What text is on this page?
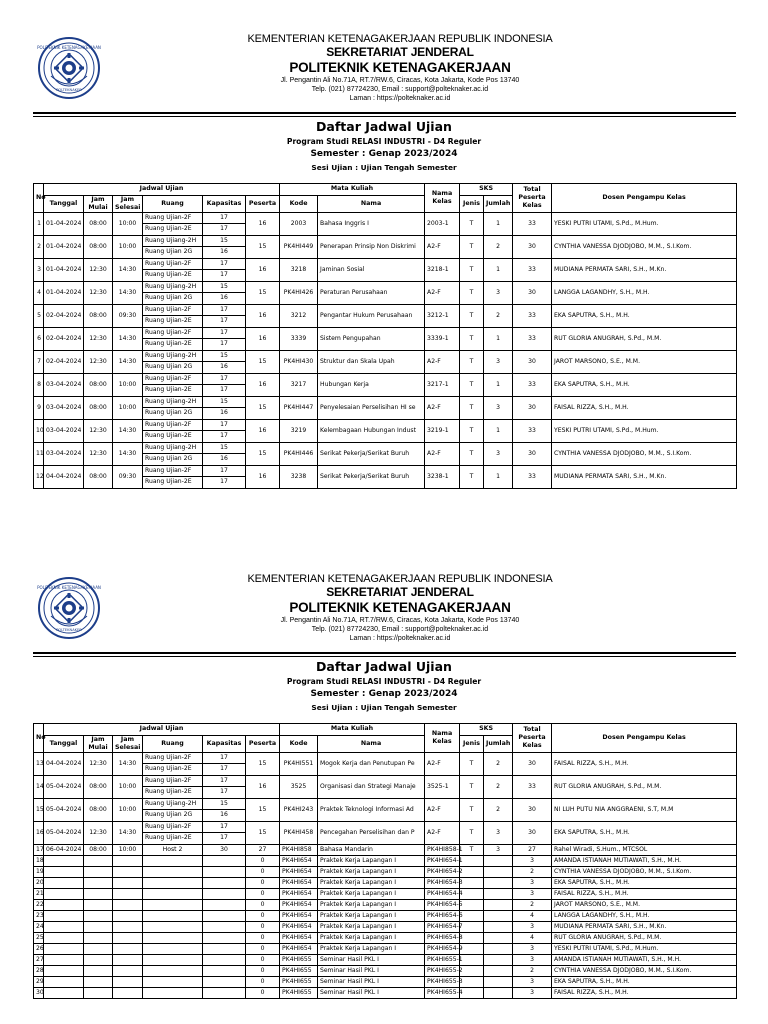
POLITEKNIK KETENAGAKERJAAN
POLTEKNAKER
KEMENTERIAN KETENAGAKERJAAN REPUBLIK INDONESIA
SEKRETARIAT JENDERAL
POLITEKNIK KETENAGAKERJAAN
Jl. Pengantin Ali No.71A, RT.7/RW.6, Ciracas, Kota Jakarta, Kode Pos 13740
Telp. (021) 87724230, Email : support@polteknaker.ac.id
Laman : https://polteknaker.ac.id
Daftar Jadwal Ujian
Program Studi RELASI INDUSTRI - D4 Reguler
Semester : Genap 2023/2024
Sesi Ujian : Ujian Tengah Semester
No	Jadwal Ujian						Mata Kuliah		Nama Kelas	SKS		Total Peserta Kelas	Dosen Pengampu Kelas
	Tanggal	Jam Mulai	Jam Selesai	Ruang	Kapasitas	Peserta	Kode	Nama		Jenis	Jumlah		
1	01-04-2024	08:00	10:00	Ruang Ujian-2F	17	16	2003	Bahasa Inggris I	2003-1	T	1	33	YESKI PUTRI UTAMI, S.Pd., M.Hum.
				Ruang Ujian-2E	17								
2	01-04-2024	08:00	10:00	Ruang Ujiang-2H	15	15	PK4HI449	Penerapan Prinsip Non Diskrimi	A2-F	T	2	30	CYNTHIA VANESSA DJODJOBO, M.M., S.I.Kom.
				Ruang Ujian 2G	16								
3	01-04-2024	12:30	14:30	Ruang Ujian-2F	17	16	3218	Jaminan Sosial	3218-1	T	1	33	MUDIANA PERMATA SARI, S.H., M.Kn.
				Ruang Ujian-2E	17								
4	01-04-2024	12:30	14:30	Ruang Ujiang-2H	15	15	PK4HI426	Peraturan Perusahaan	A2-F	T	3	30	LANGGA LAGANDHY, S.H., M.H.
				Ruang Ujian 2G	16								
5	02-04-2024	08:00	09:30	Ruang Ujian-2F	17	16	3212	Pengantar Hukum Perusahaan	3212-1	T	2	33	EKA SAPUTRA, S.H., M.H.
				Ruang Ujian-2E	17								
6	02-04-2024	12:30	14:30	Ruang Ujian-2F	17	16	3339	Sistem Pengupahan	3339-1	T	1	33	RUT GLORIA ANUGRAH, S.Pd., M.M.
				Ruang Ujian-2E	17								
7	02-04-2024	12:30	14:30	Ruang Ujiang-2H	15	15	PK4HI430	Struktur dan Skala Upah	A2-F	T	3	30	JAROT MARSONO, S.E., M.M.
				Ruang Ujian 2G	16								
8	03-04-2024	08:00	10:00	Ruang Ujian-2F	17	16	3217	Hubungan Kerja	3217-1	T	1	33	EKA SAPUTRA, S.H., M.H.
				Ruang Ujian-2E	17								
9	03-04-2024	08:00	10:00	Ruang Ujiang-2H	15	15	PK4HI447	Penyelesaian Perselisihan HI se	A2-F	T	3	30	FAISAL RIZZA, S.H., M.H.
				Ruang Ujian 2G	16								
10	03-04-2024	12:30	14:30	Ruang Ujian-2F	17	16	3219	Kelembagaan Hubungan Indust	3219-1	T	1	33	YESKI PUTRI UTAMI, S.Pd., M.Hum.
				Ruang Ujian-2E	17								
11	03-04-2024	12:30	14:30	Ruang Ujiang-2H	15	15	PK4HI446	Serikat Pekerja/Serikat Buruh	A2-F	T	3	30	CYNTHIA VANESSA DJODJOBO, M.M., S.I.Kom.
				Ruang Ujian 2G	16								
12	04-04-2024	08:00	09:30	Ruang Ujian-2F	17	16	3238	Serikat Pekerja/Serikat Buruh	3238-1	T	1	33	MUDIANA PERMATA SARI, S.H., M.Kn.
				Ruang Ujian-2E	17								
POLITEKNIK KETENAGAKERJAAN
POLTEKNAKER
KEMENTERIAN KETENAGAKERJAAN REPUBLIK INDONESIA
SEKRETARIAT JENDERAL
POLITEKNIK KETENAGAKERJAAN
Jl. Pengantin Ali No.71A, RT.7/RW.6, Ciracas, Kota Jakarta, Kode Pos 13740
Telp. (021) 87724230, Email : support@polteknaker.ac.id
Laman : https://polteknaker.ac.id
Daftar Jadwal Ujian
Program Studi RELASI INDUSTRI - D4 Reguler
Semester : Genap 2023/2024
Sesi Ujian : Ujian Tengah Semester
No	Jadwal Ujian						Mata Kuliah		Nama Kelas	SKS		Total Peserta Kelas	Dosen Pengampu Kelas
	Tanggal	Jam Mulai	Jam Selesai	Ruang	Kapasitas	Peserta	Kode	Nama		Jenis	Jumlah		
13	04-04-2024	12:30	14:30	Ruang Ujian-2F	17	15	PK4HI551	Mogok Kerja dan Penutupan Pe	A2-F	T	2	30	FAISAL RIZZA, S.H., M.H.
				Ruang Ujian-2E	17								
14	05-04-2024	08:00	10:00	Ruang Ujian-2F	17	16	3525	Organisasi dan Strategi Manaje	3525-1	T	2	33	RUT GLORIA ANUGRAH, S.Pd., M.M.
				Ruang Ujian-2E	17								
15	05-04-2024	08:00	10:00	Ruang Ujiang-2H	15	15	PK4HI243	Praktek Teknologi Informasi Ad	A2-F	T	2	30	NI LUH PUTU NIA ANGGRAENI, S.T, M.M
				Ruang Ujian 2G	16								
16	05-04-2024	12:30	14:30	Ruang Ujian-2F	17	15	PK4HI458	Pencegahan Perselisihan dan P	A2-F	T	3	30	EKA SAPUTRA, S.H., M.H.
				Ruang Ujian-2E	17								
17	06-04-2024	08:00	10:00	Host 2	30	27	PK4HI858	Bahasa Mandarin	PK4HI858-1	T	3	27	Rahel Wiradi, S.Hum., MTCSOL
18						0	PK4HI654	Praktek Kerja Lapangan I	PK4HI654-1			3	AMANDA ISTIANAH MUTIAWATI, S.H., M.H.
19						0	PK4HI654	Praktek Kerja Lapangan I	PK4HI654-2			2	CYNTHIA VANESSA DJODJOBO, M.M., S.I.Kom.
20						0	PK4HI654	Praktek Kerja Lapangan I	PK4HI654-3			3	EKA SAPUTRA, S.H., M.H.
21						0	PK4HI654	Praktek Kerja Lapangan I	PK4HI654-4			3	FAISAL RIZZA, S.H., M.H.
22						0	PK4HI654	Praktek Kerja Lapangan I	PK4HI654-5			2	JAROT MARSONO, S.E., M.M.
23						0	PK4HI654	Praktek Kerja Lapangan I	PK4HI654-6			4	LANGGA LAGANDHY, S.H., M.H.
24						0	PK4HI654	Praktek Kerja Lapangan I	PK4HI654-7			3	MUDIANA PERMATA SARI, S.H., M.Kn.
25						0	PK4HI654	Praktek Kerja Lapangan I	PK4HI654-8			4	RUT GLORIA ANUGRAH, S.Pd., M.M.
26						0	PK4HI654	Praktek Kerja Lapangan I	PK4HI654-9			3	YESKI PUTRI UTAMI, S.Pd., M.Hum.
27						0	PK4HI655	Seminar Hasil PKL I	PK4HI655-1			3	AMANDA ISTIANAH MUTIAWATI, S.H., M.H.
28						0	PK4HI655	Seminar Hasil PKL I	PK4HI655-2			2	CYNTHIA VANESSA DJODJOBO, M.M., S.I.Kom.
29						0	PK4HI655	Seminar Hasil PKL I	PK4HI655-3			3	EKA SAPUTRA, S.H., M.H.
30						0	PK4HI655	Seminar Hasil PKL I	PK4HI655-4			3	FAISAL RIZZA, S.H., M.H.
